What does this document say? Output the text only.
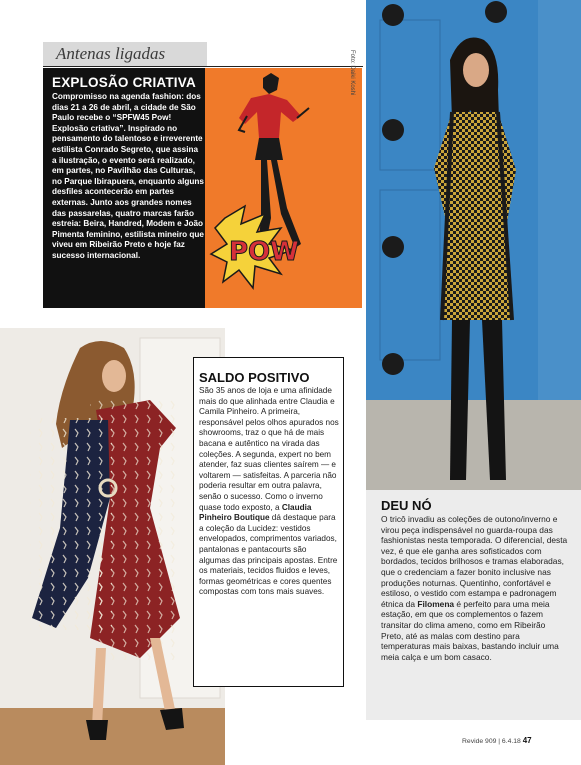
Antenas ligadas
EXPLOSÃO CRIATIVA
Compromisso na agenda fashion: dos dias 21 a 26 de abril, a cidade de São Paulo recebe o “SPFW45 Pow! Explosão criativa”. Inspirado no pensamento do talentoso e irreverente estilista Conrado Segreto, que assina a ilustração, o evento será realizado, em partes, no Pavilhão das Culturas, no Parque Ibirapuera, enquanto alguns desfiles acontecerão em partes externas. Junto aos grandes nomes das passarelas, quatro marcas farão estreia: Beira, Handred, Modem e João Pimenta feminino, estilista mineiro que viveu em Ribeirão Preto e hoje faz sucesso internacional.	POW
Foto: Daiki Koshi
DEU NÓ
O tricô invadiu as coleções de outono/inverno e virou peça indispensável no guarda-roupa das fashionistas nesta temporada. O diferencial, desta vez, é que ele ganha ares sofisticados com bordados, tecidos brilhosos e tramas elaboradas, que o credenciam a fazer bonito inclusive nas produções noturnas. Quentinho, confortável e estiloso, o vestido com estampa e padronagem étnica da Filomena é perfeito para uma meia estação, em que os complementos o fazem transitar do clima ameno, como em Ribeirão Preto, até as malas com destino para temperaturas mais baixas, bastando incluir uma meia calça e um bom casaco.
SALDO POSITIVO
São 35 anos de loja e uma afinidade mais do que alinhada entre Claudia e Camila Pinheiro. A primeira, responsável pelos olhos apurados nos showrooms, traz o que há de mais bacana e autêntico na virada das coleções. A segunda, expert no bem atender, faz suas clientes saírem — e voltarem — satisfeitas. A parceria não poderia resultar em outra palavra, senão o sucesso. Como o inverno quase todo exposto, a Claudia Pinheiro Boutique dá destaque para a coleção da Lucidez: vestidos envelopados, comprimentos variados, pantalonas e pantacourts são algumas das principais apostas. Entre os materiais, tecidos fluidos e leves, formas geométricas e cores quentes compostas com tons mais suaves.
Revide 909 | 6.4.18 47
